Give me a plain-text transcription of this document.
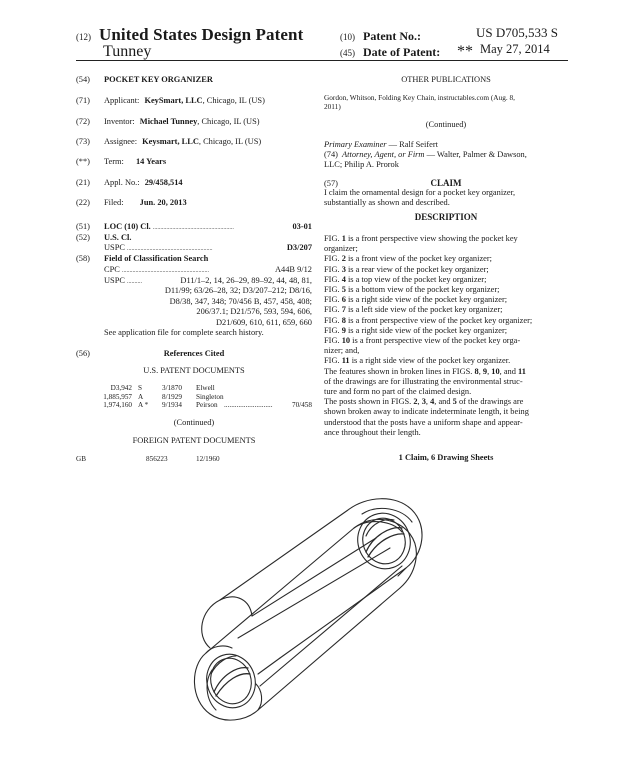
(12) United States Design Patent
Tunney
(10) Patent No.:	US D705,533 S
(45) Date of Patent: ** May 27, 2014
(54) POCKET KEY ORGANIZER
(71) Applicant: KeySmart, LLC, Chicago, IL (US)
(72) Inventor: Michael Tunney, Chicago, IL (US)
(73) Assignee: Keysmart, LLC, Chicago, IL (US)
(**) Term: 14 Years
(21) Appl. No.: 29/458,514
(22) Filed: Jun. 20, 2013
(51) LOC (10) Cl. ......................................................	03-01
(52) U.S. Cl.
USPC .........................................................	D3/207
(58) Field of Classification Search
CPC ..........................................................	A44B 9/12
USPC ..........	D11/1–2, 14, 26–29, 89–92, 44, 48, 81,
D11/99; 63/26–28, 32; D3/207–212; D8/16,
D8/38, 347, 348; 70/456 B, 457, 458, 408;
206/37.1; D21/576, 593, 594, 606,
D21/609, 610, 611, 659, 660
See application file for complete search history.
(56)	References Cited
U.S. PATENT DOCUMENTS
D3,942 S	3/1870 Elwell
1,885,957 A	8/1929 Singleton
1,974,160 A * 9/1934 Peirson ...........................	70/458
(Continued)
FOREIGN PATENT DOCUMENTS
GB	856223	12/1960
OTHER PUBLICATIONS
Gordon, Whitson, Folding Key Chain, instructables.com (Aug. 8,
2011)
(Continued)
Primary Examiner — Ralf Seifert
(74) Attorney, Agent, or Firm — Walter, Palmer & Dawson,
LLC; Philip A. Prorok
(57)	CLAIM
I claim the ornamental design for a pocket key organizer,
substantially as shown and described.
DESCRIPTION
FIG. 1 is a front perspective view showing the pocket key
organizer;
FIG. 2 is a front view of the pocket key organizer;
FIG. 3 is a rear view of the pocket key organizer;
FIG. 4 is a top view of the pocket key organizer;
FIG. 5 is a bottom view of the pocket key organizer;
FIG. 6 is a right side view of the pocket key organizer;
FIG. 7 is a left side view of the pocket key organizer;
FIG. 8 is a front perspective view of the pocket key organizer;
FIG. 9 is a right side view of the pocket key organizer;
FIG. 10 is a front perspective view of the pocket key orga-
nizer; and,
FIG. 11 is a right side view of the pocket key organizer.
The features shown in broken lines in FIGS. 8, 9, 10, and 11
of the drawings are for illustrating the environmental struc-
ture and form no part of the claimed design.
The posts shown in FIGS. 2, 3, 4, and 5 of the drawings are
shown broken away to indicate indeterminate length, it being
understood that the posts have a uniform shape and appear-
ance throughout their length.
1 Claim, 6 Drawing Sheets
